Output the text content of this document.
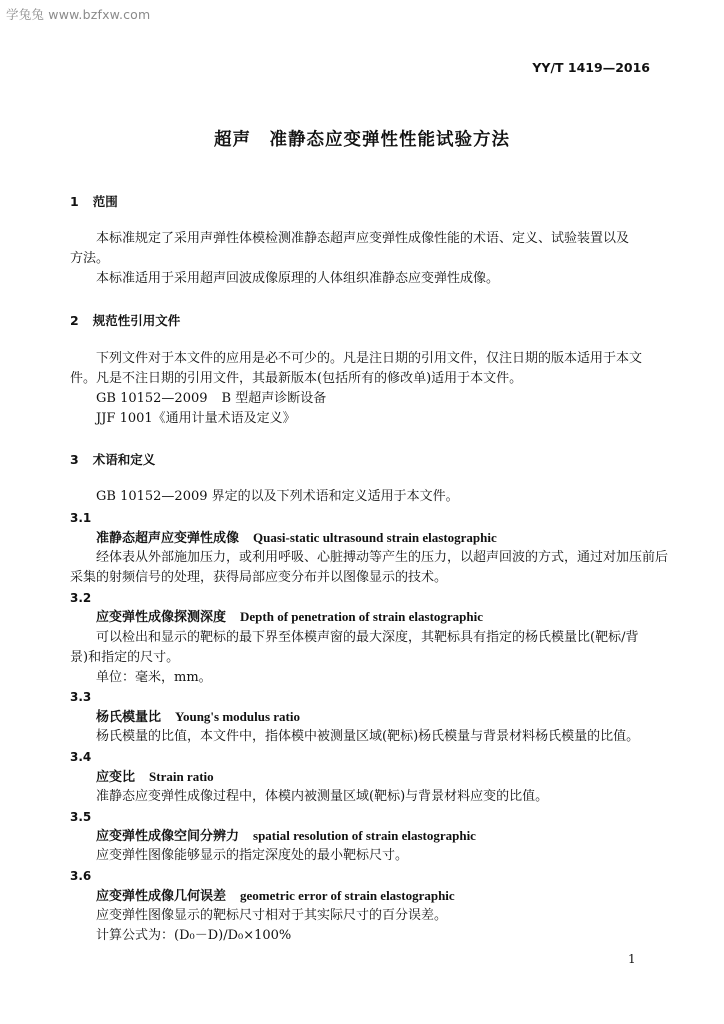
学兔兔 www.bzfxw.com
YY/T 1419—2016
超声　准静态应变弹性性能试验方法
1 范围
本标准规定了采用声弹性体模检测准静态超声应变弹性成像性能的术语、定义、试验装置以及
方法。
本标准适用于采用超声回波成像原理的人体组织准静态应变弹性成像。
2 规范性引用文件
下列文件对于本文件的应用是必不可少的。凡是注日期的引用文件，仅注日期的版本适用于本文
件。凡是不注日期的引用文件，其最新版本(包括所有的修改单)适用于本文件。
GB 10152—2009 B 型超声诊断设备
JJF 1001《通用计量术语及定义》
3 术语和定义
GB 10152—2009 界定的以及下列术语和定义适用于本文件。
3.1
准静态超声应变弹性成像 Quasi-static ultrasound strain elastographic
经体表从外部施加压力，或利用呼吸、心脏搏动等产生的压力，以超声回波的方式，通过对加压前后
采集的射频信号的处理，获得局部应变分布并以图像显示的技术。
3.2
应变弹性成像探测深度 Depth of penetration of strain elastographic
可以检出和显示的靶标的最下界至体模声窗的最大深度，其靶标具有指定的杨氏模量比(靶标/背
景)和指定的尺寸。
单位：毫米，mm。
3.3
杨氏模量比 Young's modulus ratio
杨氏模量的比值，本文件中，指体模中被测量区域(靶标)杨氏模量与背景材料杨氏模量的比值。
3.4
应变比 Strain ratio
准静态应变弹性成像过程中，体模内被测量区域(靶标)与背景材料应变的比值。
3.5
应变弹性成像空间分辨力 spatial resolution of strain elastographic
应变弹性图像能够显示的指定深度处的最小靶标尺寸。
3.6
应变弹性成像几何误差 geometric error of strain elastographic
应变弹性图像显示的靶标尺寸相对于其实际尺寸的百分误差。
计算公式为：(D₀－D)/D₀×100%
1
